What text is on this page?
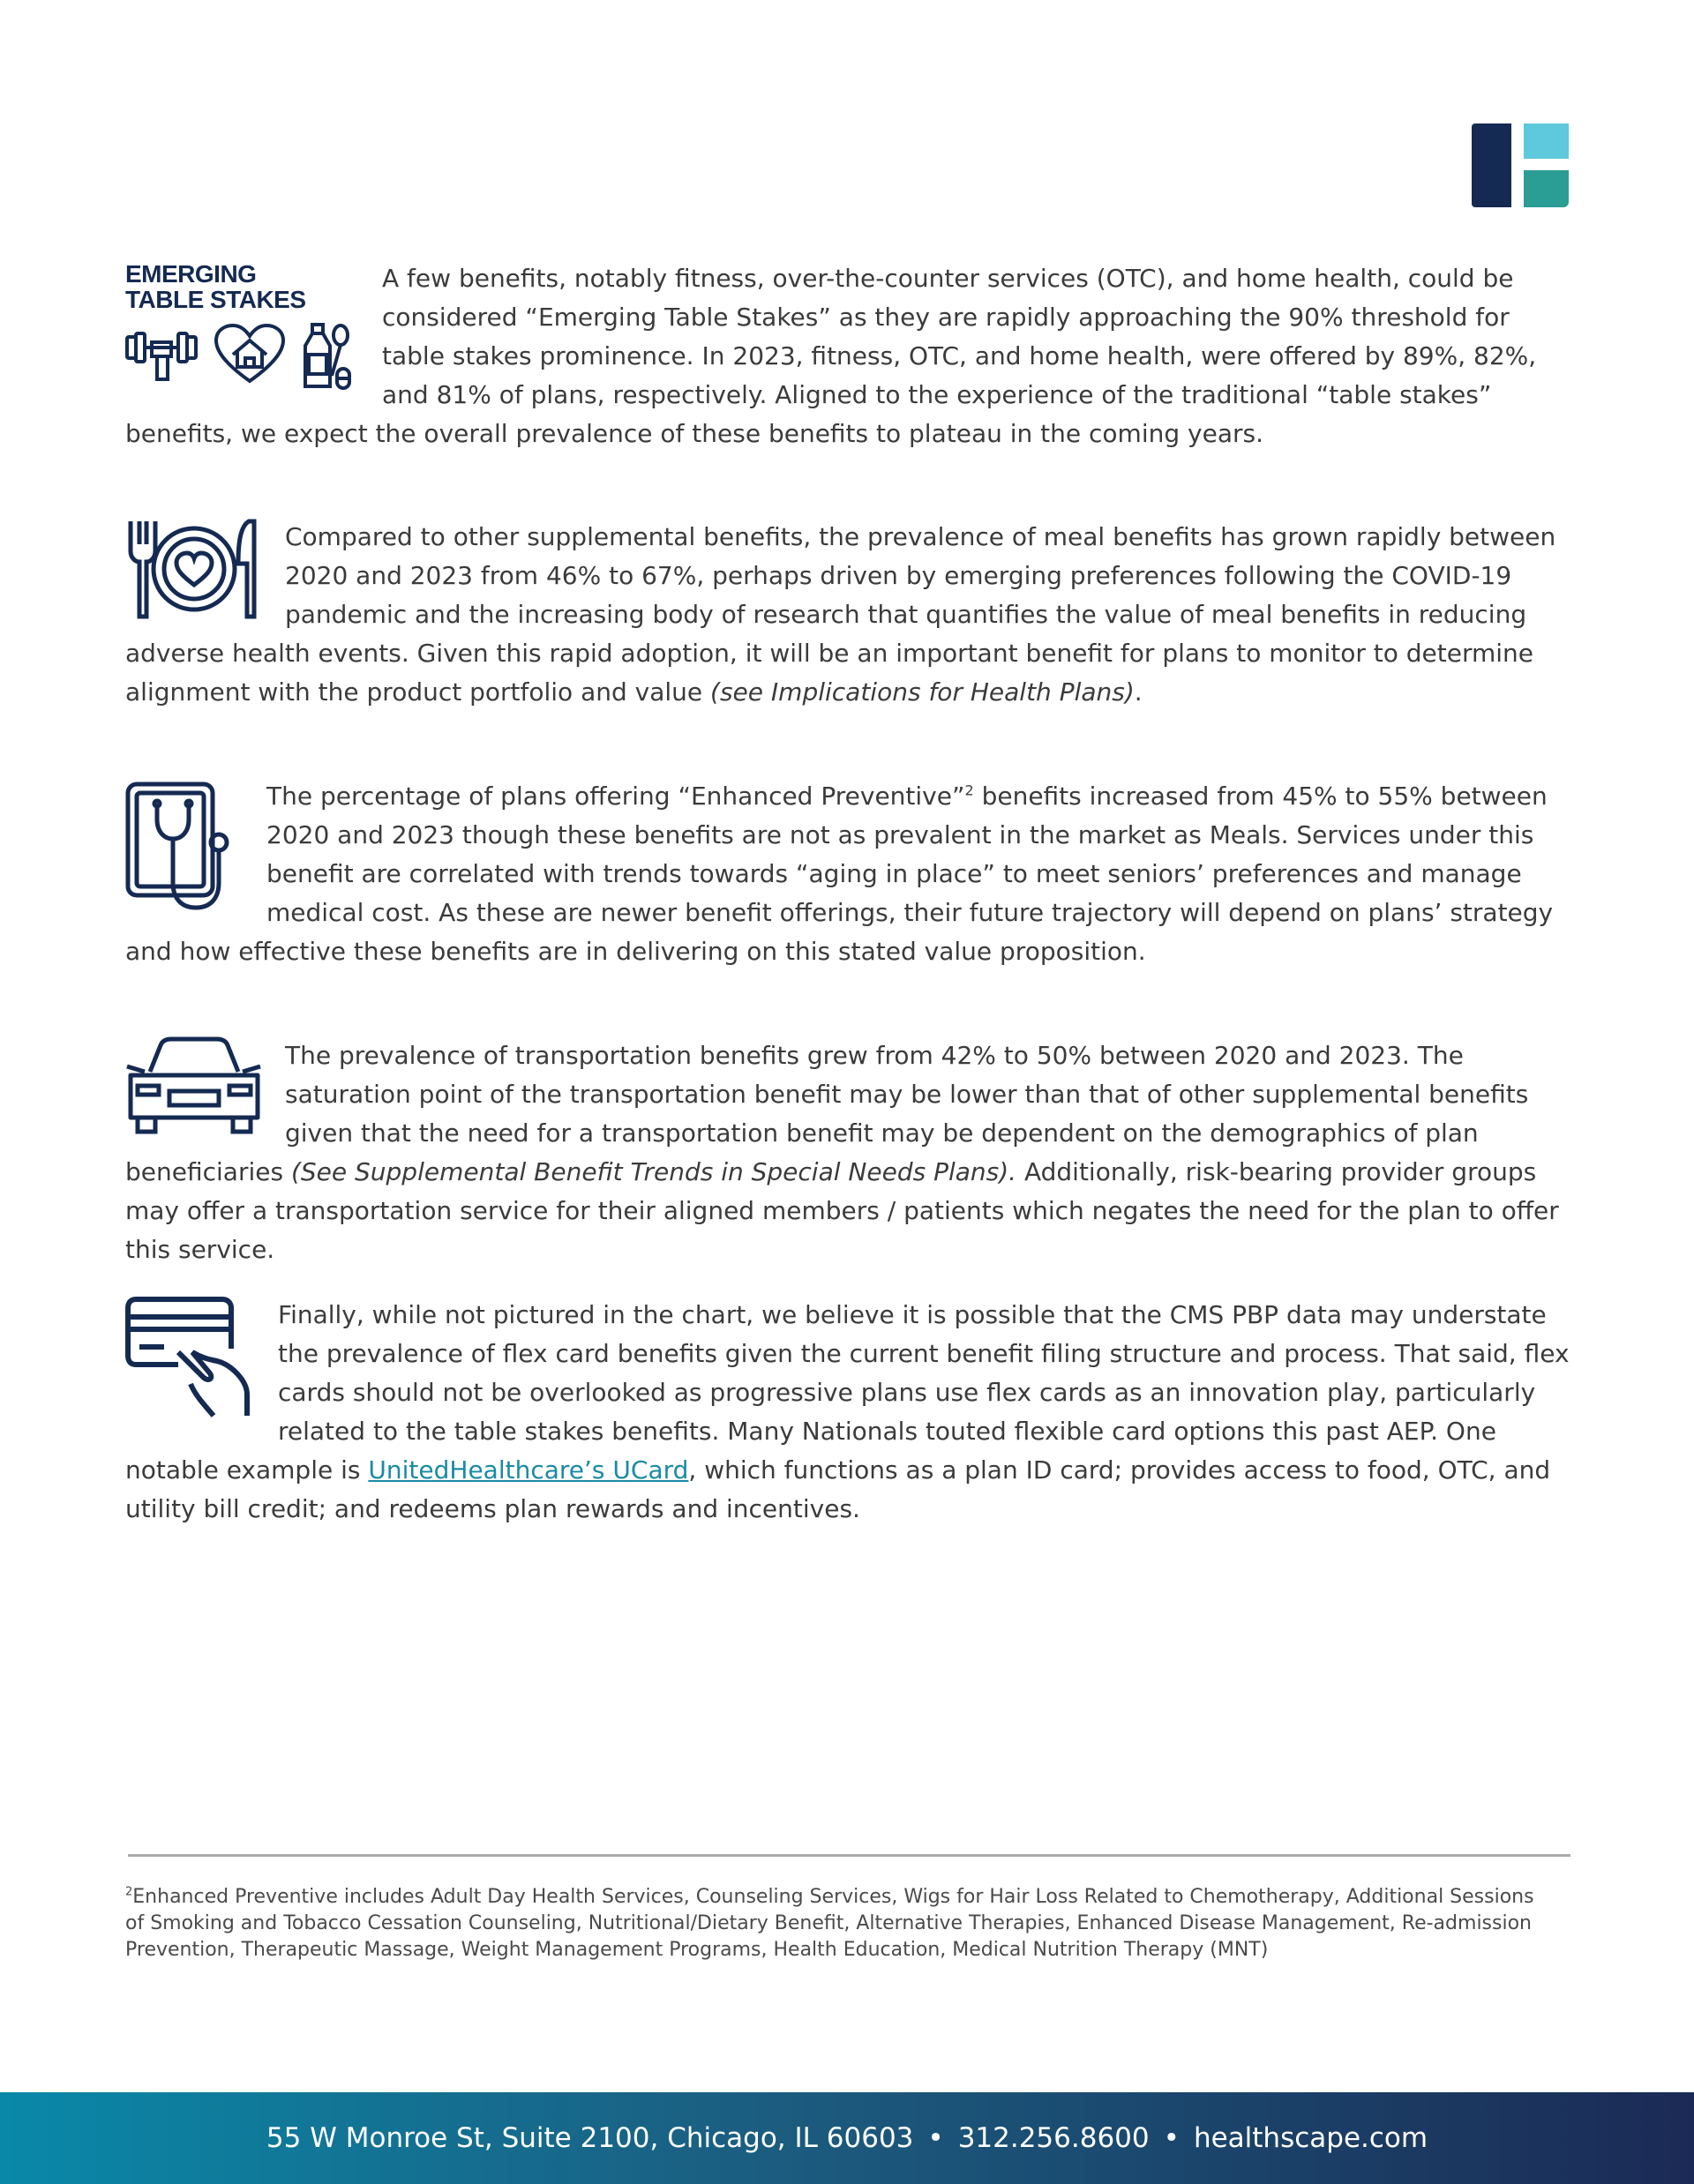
EMERGING
TABLE STAKES
A few benefits, notably fitness, over-the-counter services (OTC), and home health, could be considered “Emerging Table Stakes” as they are rapidly approaching the 90% threshold for table stakes prominence. In 2023, fitness, OTC, and home health, were offered by 89%, 82%, and 81% of plans, respectively. Aligned to the experience of the traditional “table stakes” benefits, we expect the overall prevalence of these benefits to plateau in the coming years.

Compared to other supplemental benefits, the prevalence of meal benefits has grown rapidly between 2020 and 2023 from 46% to 67%, perhaps driven by emerging preferences following the COVID-19 pandemic and the increasing body of research that quantifies the value of meal benefits in reducing adverse health events. Given this rapid adoption, it will be an important benefit for plans to monitor to determine alignment with the product portfolio and value (see Implications for Health Plans).

The percentage of plans offering “Enhanced Preventive”$^2$ benefits increased from 45% to 55% between 2020 and 2023 though these benefits are not as prevalent in the market as Meals. Services under this benefit are correlated with trends towards “aging in place” to meet seniors’ preferences and manage medical cost. As these are newer benefit offerings, their future trajectory will depend on plans’ strategy and how effective these benefits are in delivering on this stated value proposition.

The prevalence of transportation benefits grew from 42% to 50% between 2020 and 2023. The saturation point of the transportation benefit may be lower than that of other supplemental benefits given that the need for a transportation benefit may be dependent on the demographics of plan beneficiaries (See Supplemental Benefit Trends in Special Needs Plans). Additionally, risk-bearing provider groups may offer a transportation service for their aligned members / patients which negates the need for the plan to offer this service.

Finally, while not pictured in the chart, we believe it is possible that the CMS PBP data may understate the prevalence of flex card benefits given the current benefit filing structure and process. That said, flex cards should not be overlooked as progressive plans use flex cards as an innovation play, particularly related to the table stakes benefits. Many Nationals touted flexible card options this past AEP. One notable example is UnitedHealthcare’s UCard, which functions as a plan ID card; provides access to food, OTC, and utility bill credit; and redeems plan rewards and incentives.

$^2$Enhanced Preventive includes Adult Day Health Services, Counseling Services, Wigs for Hair Loss Related to Chemotherapy, Additional Sessions of Smoking and Tobacco Cessation Counseling, Nutritional/Dietary Benefit, Alternative Therapies, Enhanced Disease Management, Re-admission Prevention, Therapeutic Massage, Weight Management Programs, Health Education, Medical Nutrition Therapy (MNT)

55 W Monroe St, Suite 2100, Chicago, IL 60603 • 312.256.8600 • healthscape.com
